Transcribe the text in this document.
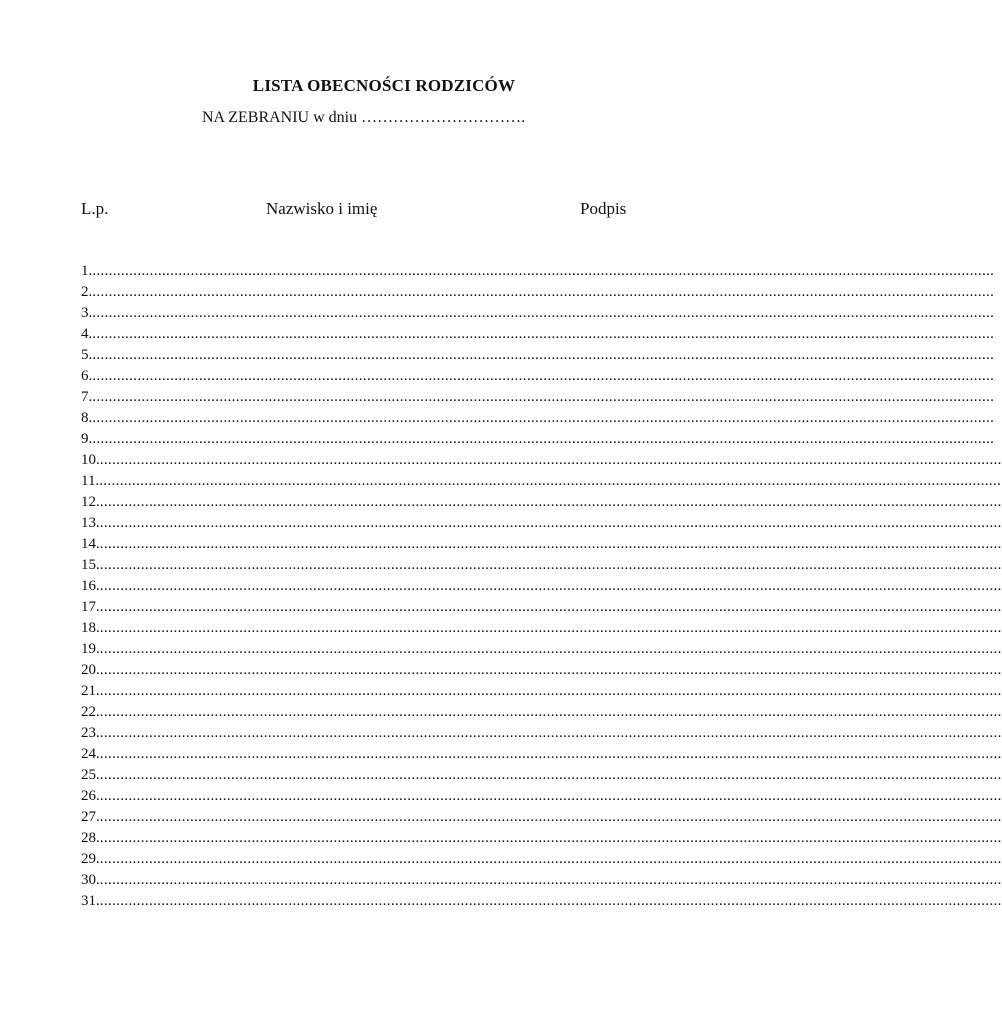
LISTA OBECNOŚCI RODZICÓW
NA ZEBRANIU w dniu ………………………….
L.p.	Nazwisko i imię	Podpis
1. ............................................................................................................................................................................................................................
2. ............................................................................................................................................................................................................................
3. ............................................................................................................................................................................................................................
4. ............................................................................................................................................................................................................................
5. ............................................................................................................................................................................................................................
6. ............................................................................................................................................................................................................................
7. ............................................................................................................................................................................................................................
8. ............................................................................................................................................................................................................................
9. ............................................................................................................................................................................................................................
10. ............................................................................................................................................................................................................................
11. ............................................................................................................................................................................................................................
12. ............................................................................................................................................................................................................................
13. ............................................................................................................................................................................................................................
14. ............................................................................................................................................................................................................................
15. ............................................................................................................................................................................................................................
16. ............................................................................................................................................................................................................................
17. ............................................................................................................................................................................................................................
18. ............................................................................................................................................................................................................................
19. ............................................................................................................................................................................................................................
20. ............................................................................................................................................................................................................................
21. ............................................................................................................................................................................................................................
22. ............................................................................................................................................................................................................................
23. ............................................................................................................................................................................................................................
24. ............................................................................................................................................................................................................................
25. ............................................................................................................................................................................................................................
26. ............................................................................................................................................................................................................................
27. ............................................................................................................................................................................................................................
28. ............................................................................................................................................................................................................................
29. ............................................................................................................................................................................................................................
30. ............................................................................................................................................................................................................................
31. ............................................................................................................................................................................................................................
